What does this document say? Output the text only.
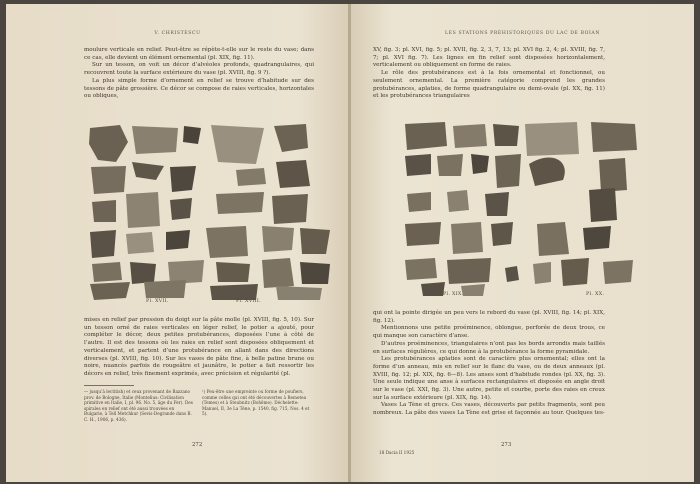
V. CHRISTESCU

moulure verticale en relief. Peut-être se répète-t-elle sur le reste du vase; dans ce cas, elle devient un élément ornemental (pl. XIX, fig. 11).

Sur un tesson, on voit un décor d’alvéoles profonds, quadrangulaires, qui recouvrent toute la surface extérieure du vase (pl. XVIII, fig. 9 ?).

La plus simple forme d’ornement en relief se trouve d’habitude sur des tessons de pâte grossière. Ce décor se compose de raies verticales, horizontales ou obliques,

Pl. XVII.	Pl. XVIII.

mises en relief par pression du doigt sur la pâte molle (pl. XVIII, fig. 5, 10). Sur un tesson orné de raies verticales en léger relief, le potier a ajouté, pour compléter le décor, deux petites protubérances, disposées l’une à côté de l’autre. Il est des tessons où les raies en relief sont disposées obliquement et verticalement, et partent d’une protubérance en allant dans des directions diverses (pl. XVIII, fig. 10). Sur les vases de pâte fine, à belle patine brune ou noire, nuancés parfois de rougeâtre et jaunâtre, le potier a fait ressortir les décors en relief, très finement exprimés, avec précision et régularité (pl.

— jusqu’à lectitish) et ceux provenant de Bazzano prov. de Bologne, Italie (Montelius: Civilisation primitive en Italie, I, pl. 96. No. 5, âge du Fer). Des spirales en relief ont été aussi trouvées en Bulgarie, à Tell Metchkur (Sevis-Degrande dans B. C. H., 1906, p. 436).
¹) Peu-être une empreinte ou forme de poufiers, comme celles qui ont été découvertes à Remetea (Temes) et à Steubnitz (Bohême). Déchelette: Manuel, II, 3e La Tène, p. 1540, fig. 715, Nos. 4 et 5).
272
LES STATIONS PRÉHISTORIQUES DU LAC DE BOIAN

XV, fig. 3; pl. XVI, fig. 5; pl. XVII, fig. 2, 3, 7, 13; pl. XVI fig. 2, 4; pl. XVIII, fig. 7, 7; pl. XVI fig. 7). Les lignes en fin relief sont disposées horizontalement, verticalement ou obliquement en forme de raies.

Le rôle des protubérances est à la fois ornemental et fonctionnel, ou seulement ornemental. La première catégorie comprend les grandes protubérances, aplaties, de forme quadrangulaire ou demi-ovale (pl. XX, fig. 11) et les protubérances triangulaires

Pl. XIX.	Pl. XX.

qui ont la pointe dirigée un peu vers le rebord du vase (pl. XVIII, fig. 14; pl. XIX, fig. 12).

Mentionnons une petite proéminence, oblongue, perforée de deux trous, ce qui manque son caractère d’anse.

D’autres proéminences, triangulaires n’ont pas les bords arrondis mais taillés en surfaces régulières, ce qui donne à la protubérance la forme pyramidale.

Les protubérances aplaties sont de caractère plus ornemental; elles ont la forme d’un anneau, mis en relief sur le flanc du vase, ou de deux anneaux (pl. XVIII, fig. 12; pl. XIX, fig. 6—8). Les anses sont d’habitude rondes (pl. XX, fig. 3). Une seule indique une anse à surfaces rectangulaires et disposée en angle droit sur le vase (pl. XXI, fig. 3). Une autre, petite et courbe, porte des raies en creux sur la surface extérieure (pl. XIX, fig. 14).

Vases La Tène et grecs. Ces vases, découverts par petits fragments, sont peu nombreux. La pâte des vases La Tène est grise et façonnée au tour. Quelques tes-

18 Dacia II 1925
273
